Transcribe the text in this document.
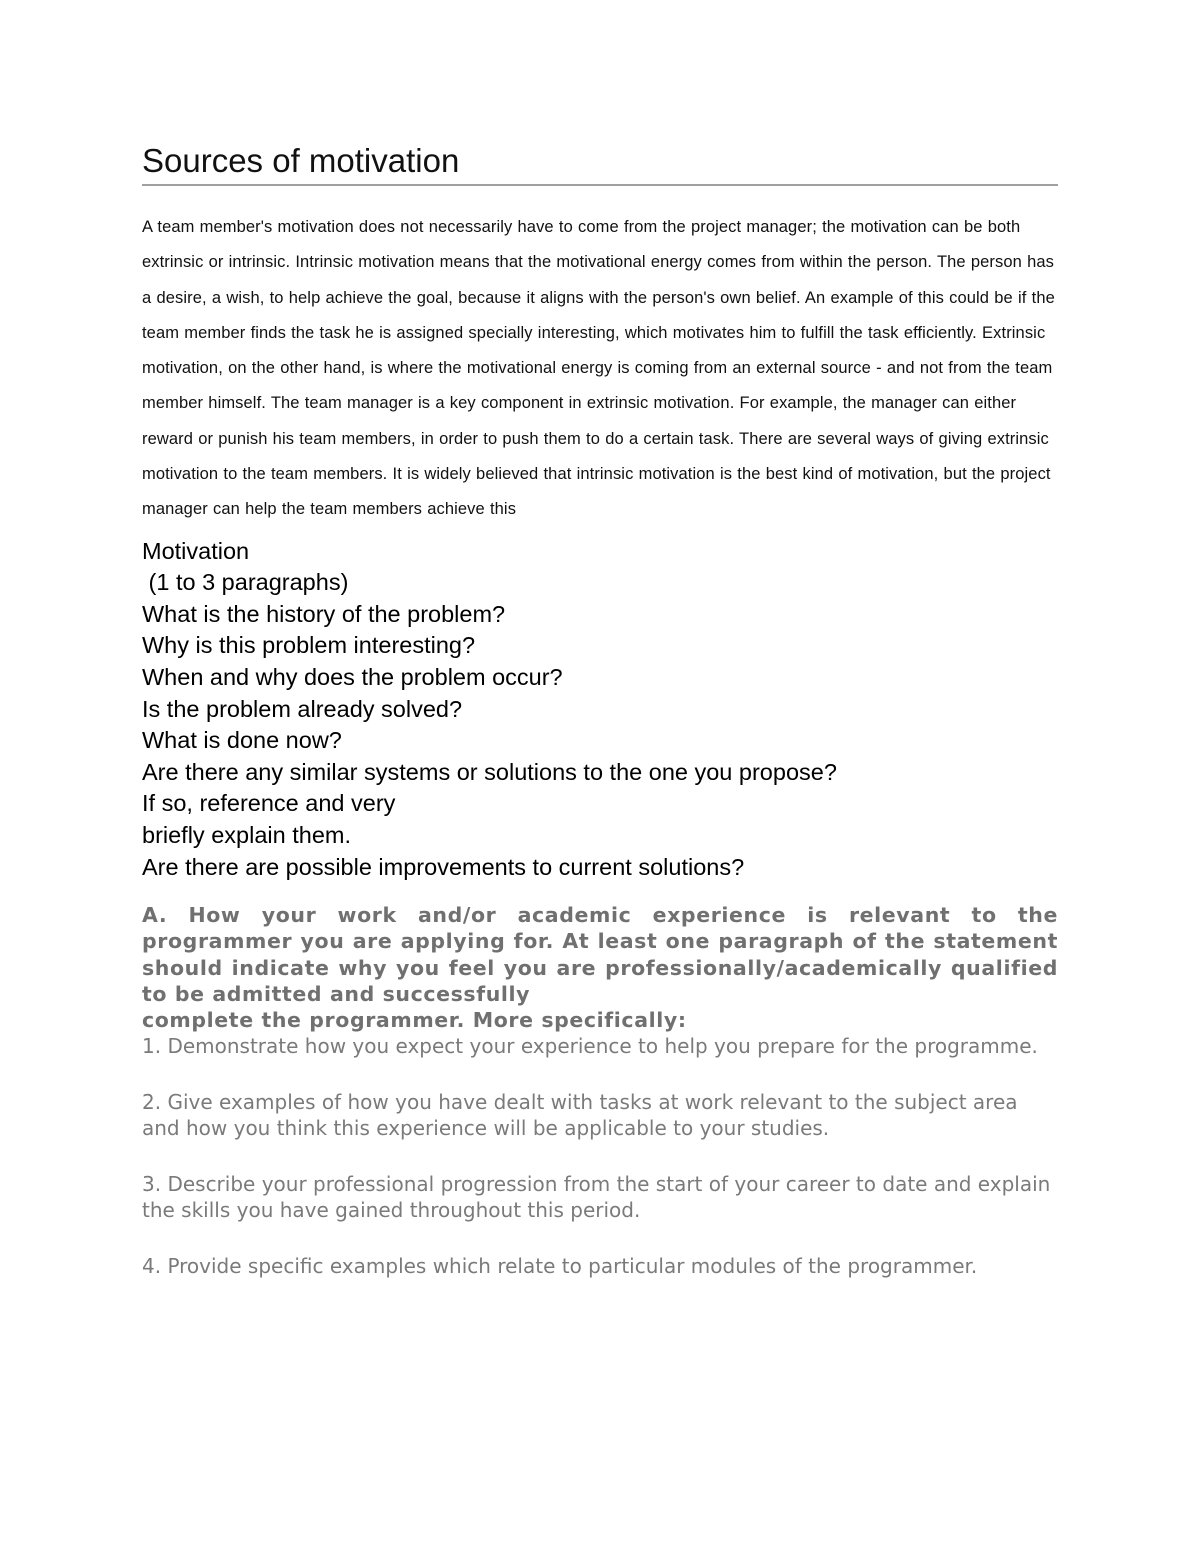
Sources of motivation

A team member's motivation does not necessarily have to come from the project manager; the motivation can be both extrinsic or intrinsic. Intrinsic motivation means that the motivational energy comes from within the person. The person has a desire, a wish, to help achieve the goal, because it aligns with the person's own belief. An example of this could be if the team member finds the task he is assigned specially interesting, which motivates him to fulfill the task efficiently. Extrinsic motivation, on the other hand, is where the motivational energy is coming from an external source - and not from the team member himself. The team manager is a key component in extrinsic motivation. For example, the manager can either reward or punish his team members, in order to push them to do a certain task. There are several ways of giving extrinsic motivation to the team members. It is widely believed that intrinsic motivation is the best kind of motivation, but the project manager can help the team members achieve this

Motivation
(1 to 3 paragraphs)
What is the history of the problem?
Why is this problem interesting?
When and why does the problem occur?
Is the problem already solved?
What is done now?
Are there any similar systems or solutions to the one you propose?
If so, reference and very
briefly explain them.
Are there are possible improvements to current solutions?
A. How your work and/or academic experience is relevant to the programmer you are applying for. At least one paragraph of the statement should indicate why you feel you are professionally/academically qualified to be admitted and successfully
complete the programmer. More specifically:
1. Demonstrate how you expect your experience to help you prepare for the programme.
2. Give examples of how you have dealt with tasks at work relevant to the subject area and how you think this experience will be applicable to your studies.
3. Describe your professional progression from the start of your career to date and explain the skills you have gained throughout this period.
4. Provide specific examples which relate to particular modules of the programmer.
